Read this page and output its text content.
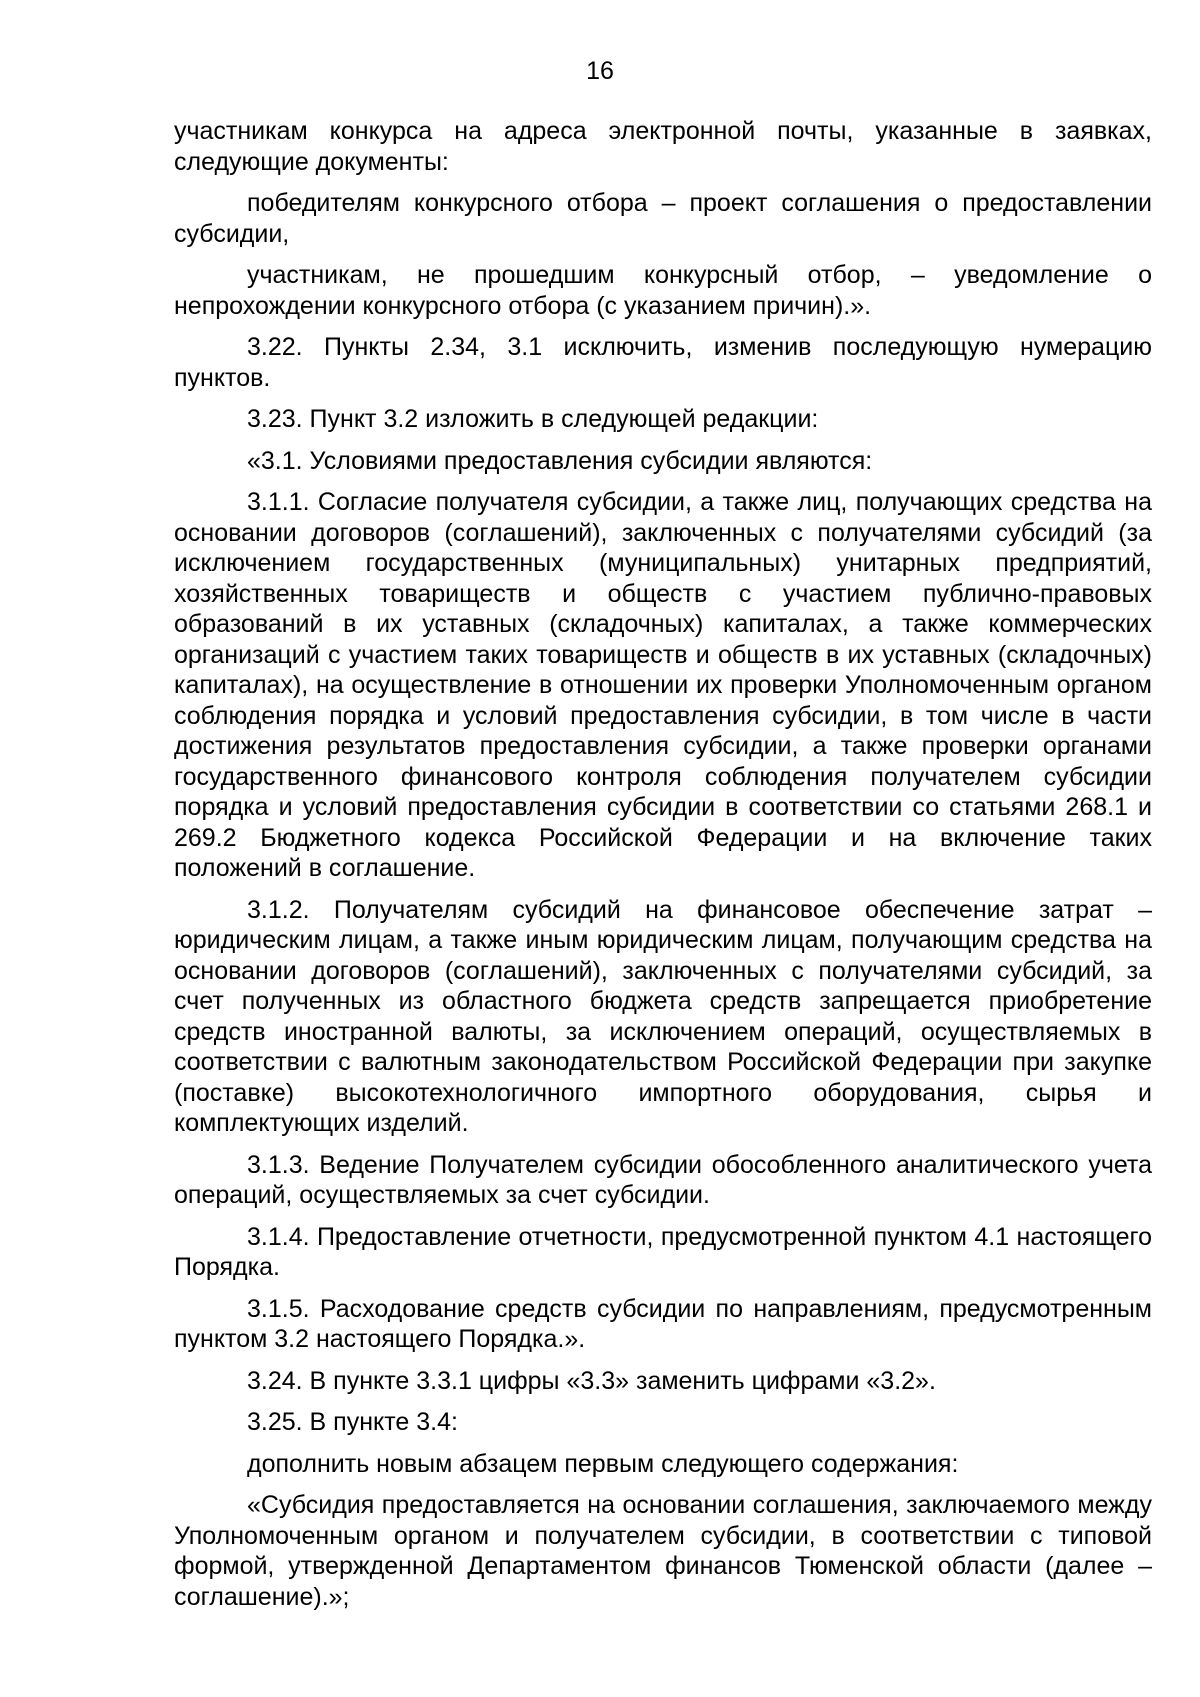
16

участникам конкурса на адреса электронной почты, указанные в заявках, следующие документы:

победителям конкурсного отбора – проект соглашения о предоставлении субсидии,

участникам, не прошедшим конкурсный отбор, – уведомление о непрохождении конкурсного отбора (с указанием причин).».

3.22. Пункты 2.34, 3.1 исключить, изменив последующую нумерацию пунктов.

3.23. Пункт 3.2 изложить в следующей редакции:

«3.1. Условиями предоставления субсидии являются:

3.1.1. Согласие получателя субсидии, а также лиц, получающих средства на основании договоров (соглашений), заключенных с получателями субсидий (за исключением государственных (муниципальных) унитарных предприятий, хозяйственных товариществ и обществ с участием публично-правовых образований в их уставных (складочных) капиталах, а также коммерческих организаций с участием таких товариществ и обществ в их уставных (складочных) капиталах), на осуществление в отношении их проверки Уполномоченным органом соблюдения порядка и условий предоставления субсидии, в том числе в части достижения результатов предоставления субсидии, а также проверки органами государственного финансового контроля соблюдения получателем субсидии порядка и условий предоставления субсидии в соответствии со статьями 268.1 и 269.2 Бюджетного кодекса Российской Федерации и на включение таких положений в соглашение.

3.1.2. Получателям субсидий на финансовое обеспечение затрат – юридическим лицам, а также иным юридическим лицам, получающим средства на основании договоров (соглашений), заключенных с получателями субсидий, за счет полученных из областного бюджета средств запрещается приобретение средств иностранной валюты, за исключением операций, осуществляемых в соответствии с валютным законодательством Российской Федерации при закупке (поставке) высокотехнологичного импортного оборудования, сырья и комплектующих изделий.

3.1.3. Ведение Получателем субсидии обособленного аналитического учета операций, осуществляемых за счет субсидии.

3.1.4. Предоставление отчетности, предусмотренной пунктом 4.1 настоящего Порядка.

3.1.5. Расходование средств субсидии по направлениям, предусмотренным пунктом 3.2 настоящего Порядка.».

3.24. В пункте 3.3.1 цифры «3.3» заменить цифрами «3.2».

3.25. В пункте 3.4:

дополнить новым абзацем первым следующего содержания:

«Субсидия предоставляется на основании соглашения, заключаемого между Уполномоченным органом и получателем субсидии, в соответствии с типовой формой, утвержденной Департаментом финансов Тюменской области (далее – соглашение).»;
